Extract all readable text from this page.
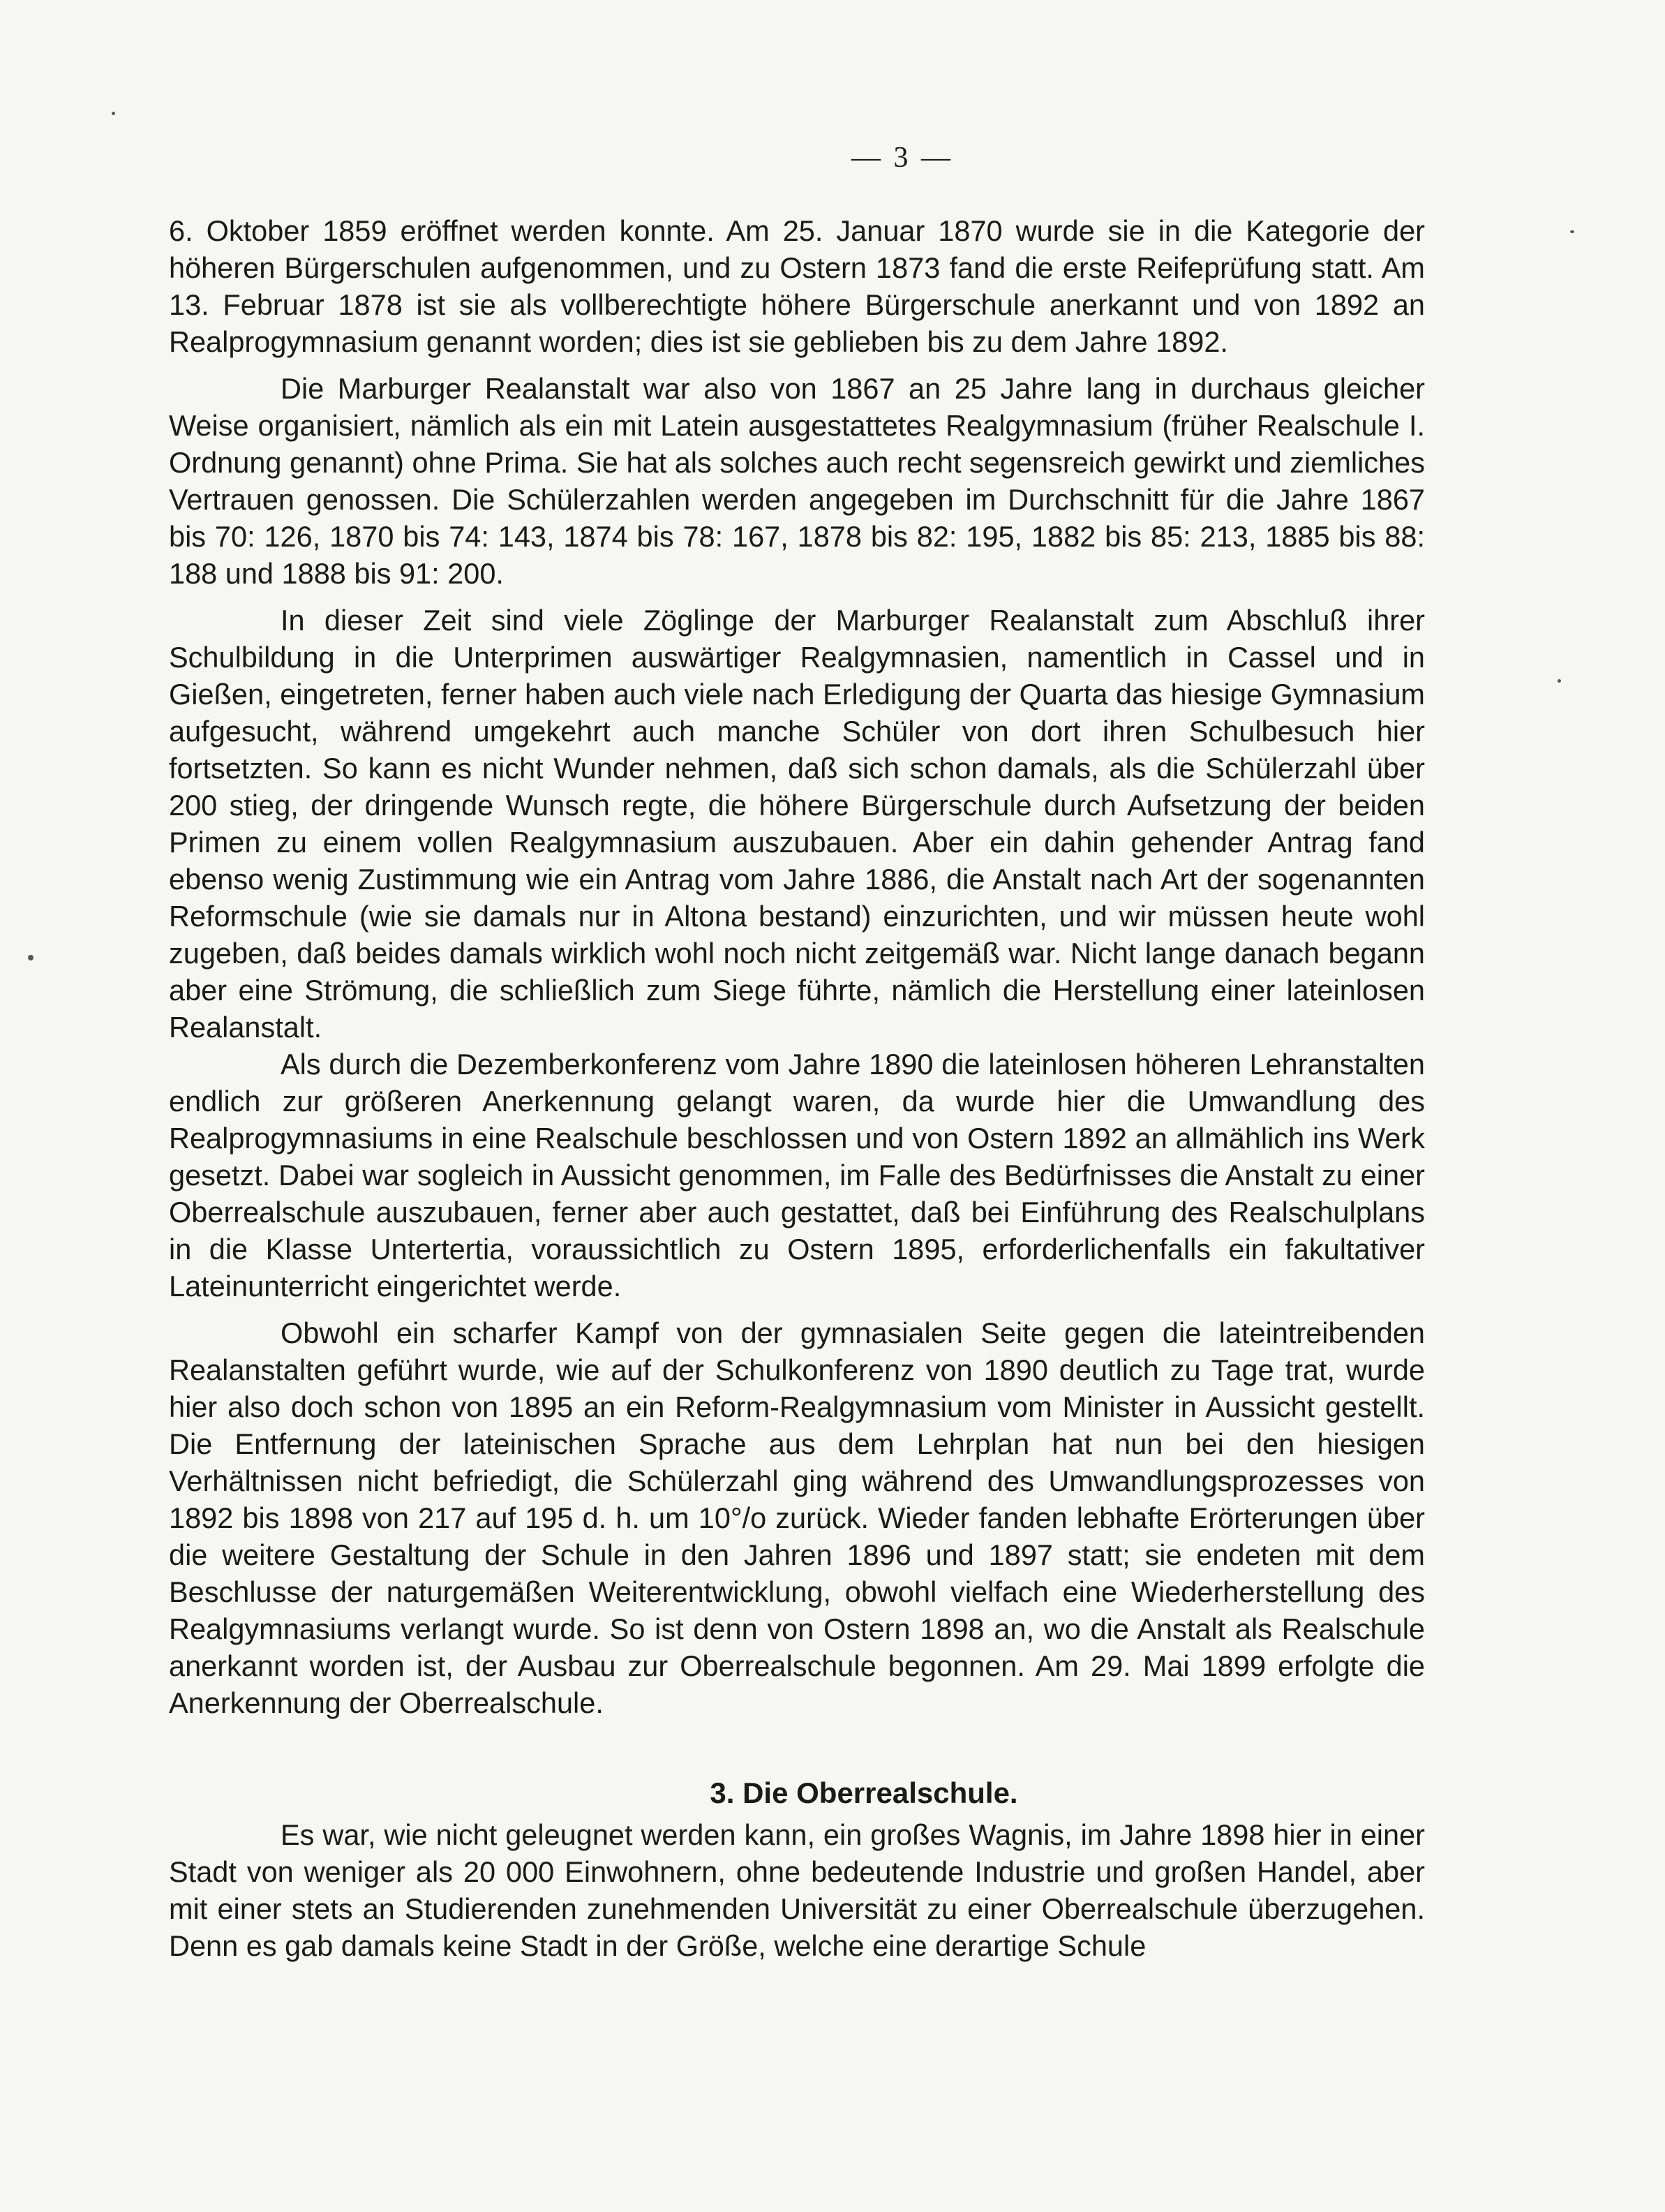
— 3 —

6. Oktober 1859 eröffnet werden konnte. Am 25. Januar 1870 wurde sie in die Kategorie der höheren Bürgerschulen aufgenommen, und zu Ostern 1873 fand die erste Reifeprüfung statt. Am 13. Februar 1878 ist sie als vollberechtigte höhere Bürgerschule anerkannt und von 1892 an Realprogymnasium genannt worden; dies ist sie geblieben bis zu dem Jahre 1892.

Die Marburger Realanstalt war also von 1867 an 25 Jahre lang in durchaus gleicher Weise organisiert, nämlich als ein mit Latein ausgestattetes Realgymnasium (früher Realschule I. Ordnung genannt) ohne Prima. Sie hat als solches auch recht segensreich gewirkt und ziemliches Vertrauen genossen. Die Schülerzahlen werden angegeben im Durchschnitt für die Jahre 1867 bis 70: 126, 1870 bis 74: 143, 1874 bis 78: 167, 1878 bis 82: 195, 1882 bis 85: 213, 1885 bis 88: 188 und 1888 bis 91: 200.

In dieser Zeit sind viele Zöglinge der Marburger Realanstalt zum Abschluß ihrer Schulbildung in die Unterprimen auswärtiger Realgymnasien, namentlich in Cassel und in Gießen, eingetreten, ferner haben auch viele nach Erledigung der Quarta das hiesige Gymnasium aufgesucht, während umgekehrt auch manche Schüler von dort ihren Schulbesuch hier fortsetzten. So kann es nicht Wunder nehmen, daß sich schon damals, als die Schülerzahl über 200 stieg, der dringende Wunsch regte, die höhere Bürgerschule durch Aufsetzung der beiden Primen zu einem vollen Realgymnasium auszubauen. Aber ein dahin gehender Antrag fand ebenso wenig Zustimmung wie ein Antrag vom Jahre 1886, die Anstalt nach Art der sogenannten Reformschule (wie sie damals nur in Altona bestand) einzurichten, und wir müssen heute wohl zugeben, daß beides damals wirklich wohl noch nicht zeitgemäß war. Nicht lange danach begann aber eine Strömung, die schließlich zum Siege führte, nämlich die Herstellung einer lateinlosen Realanstalt.

Als durch die Dezemberkonferenz vom Jahre 1890 die lateinlosen höheren Lehranstalten endlich zur größeren Anerkennung gelangt waren, da wurde hier die Umwandlung des Realprogymnasiums in eine Realschule beschlossen und von Ostern 1892 an allmählich ins Werk gesetzt. Dabei war sogleich in Aussicht genommen, im Falle des Bedürfnisses die Anstalt zu einer Oberrealschule auszubauen, ferner aber auch gestattet, daß bei Einführung des Realschulplans in die Klasse Untertertia, voraussichtlich zu Ostern 1895, erforderlichenfalls ein fakultativer Lateinunterricht eingerichtet werde.

Obwohl ein scharfer Kampf von der gymnasialen Seite gegen die lateintreibenden Realanstalten geführt wurde, wie auf der Schulkonferenz von 1890 deutlich zu Tage trat, wurde hier also doch schon von 1895 an ein Reform-Realgymnasium vom Minister in Aussicht gestellt. Die Entfernung der lateinischen Sprache aus dem Lehrplan hat nun bei den hiesigen Verhältnissen nicht befriedigt, die Schülerzahl ging während des Umwandlungsprozesses von 1892 bis 1898 von 217 auf 195 d. h. um 10°/o zurück. Wieder fanden lebhafte Erörterungen über die weitere Gestaltung der Schule in den Jahren 1896 und 1897 statt; sie endeten mit dem Beschlusse der naturgemäßen Weiterentwicklung, obwohl vielfach eine Wiederherstellung des Realgymnasiums verlangt wurde. So ist denn von Ostern 1898 an, wo die Anstalt als Realschule anerkannt worden ist, der Ausbau zur Oberrealschule begonnen. Am 29. Mai 1899 erfolgte die Anerkennung der Oberrealschule.

3. Die Oberrealschule.

Es war, wie nicht geleugnet werden kann, ein großes Wagnis, im Jahre 1898 hier in einer Stadt von weniger als 20 000 Einwohnern, ohne bedeutende Industrie und großen Handel, aber mit einer stets an Studierenden zunehmenden Universität zu einer Oberrealschule überzugehen. Denn es gab damals keine Stadt in der Größe, welche eine derartige Schule
